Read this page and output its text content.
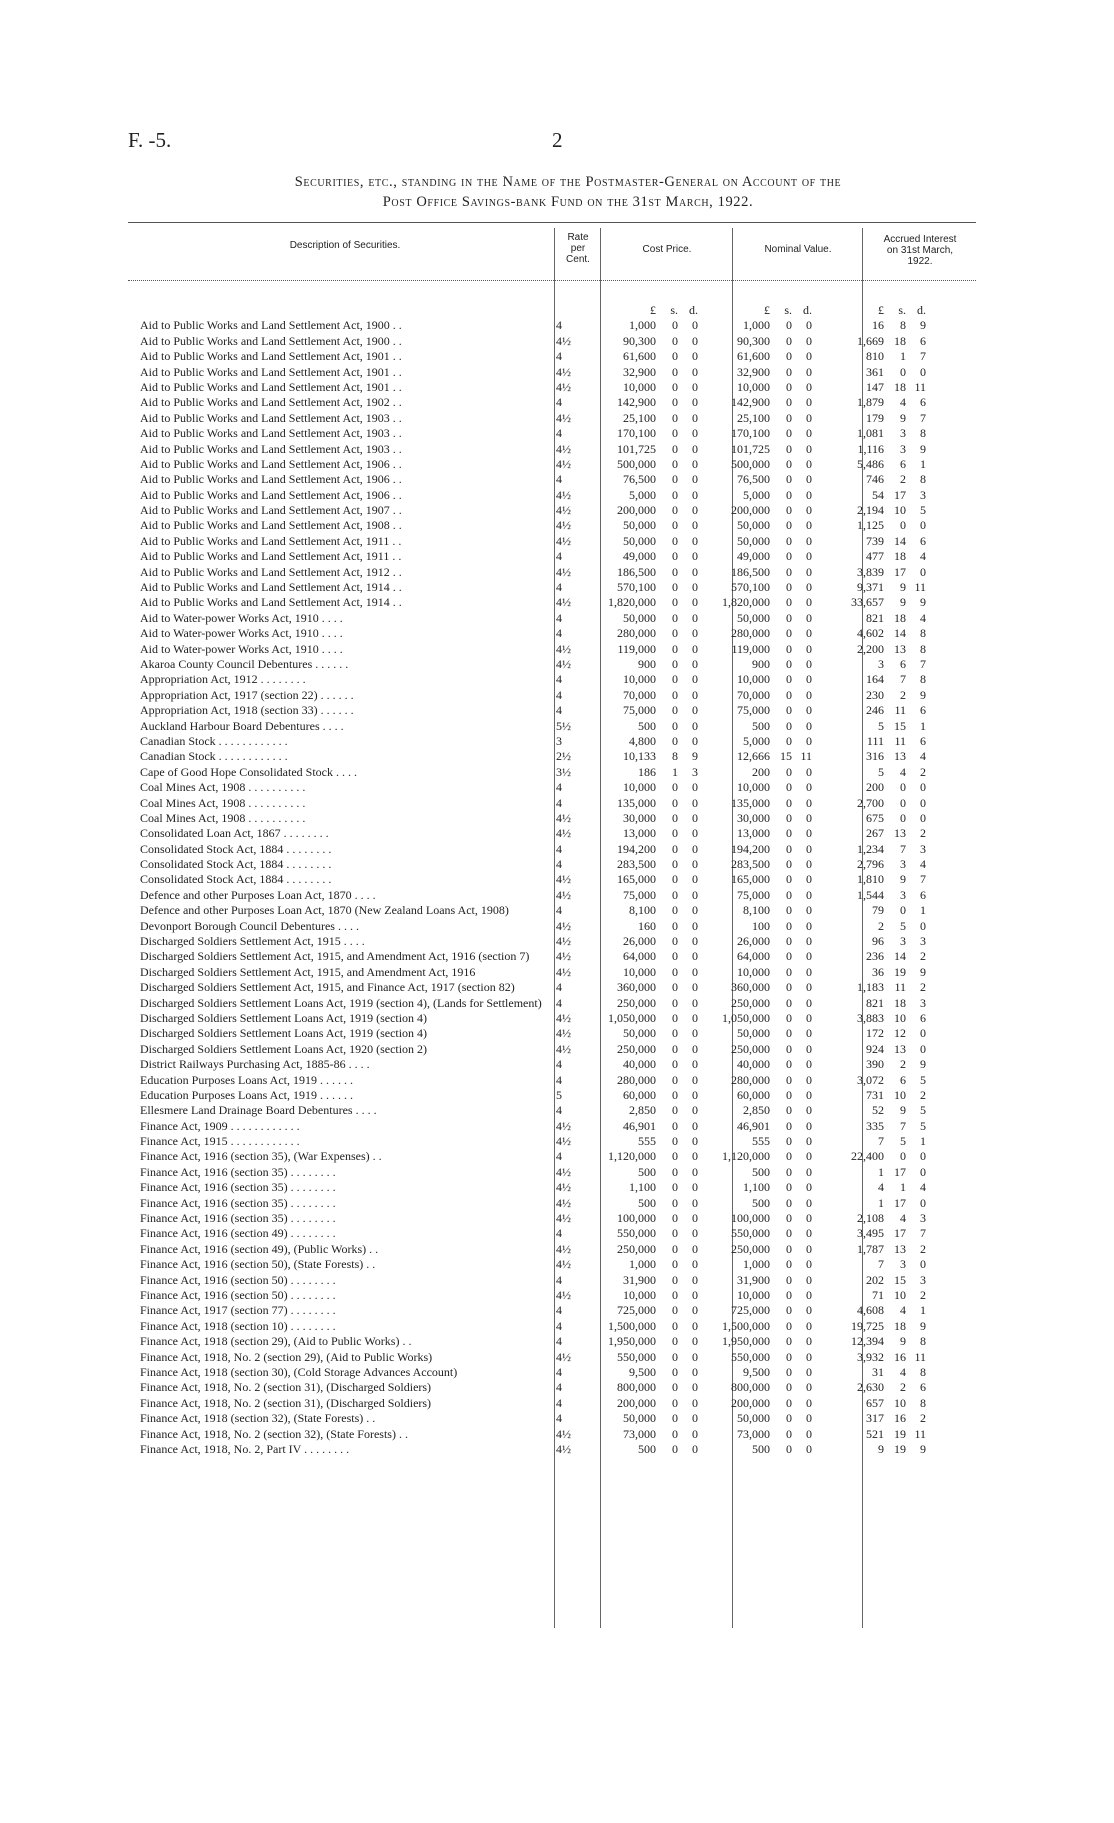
F. -5.	2
Securities, etc., standing in the Name of the Postmaster-General on Account of the
Post Office Savings-bank Fund on the 31st March, 1922.
Description of Securities.
Rate
per
Cent.
Cost Price.	Nominal Value.
Accrued Interest
on 31st March,
1922.
		£	s.	d.	£	s.	d.	£	s.	d.

Aid to Public Works and Land Settlement Act, 1900 . .	4	1,000	0	0	1,000	0	0	16	8	9

Aid to Public Works and Land Settlement Act, 1900 . .	4½	90,300	0	0	90,300	0	0	1,669	18	6

Aid to Public Works and Land Settlement Act, 1901 . .	4	61,600	0	0	61,600	0	0	810	1	7

Aid to Public Works and Land Settlement Act, 1901 . .	4½	32,900	0	0	32,900	0	0	361	0	0

Aid to Public Works and Land Settlement Act, 1901 . .	4½	10,000	0	0	10,000	0	0	147	18	11

Aid to Public Works and Land Settlement Act, 1902 . .	4	142,900	0	0	142,900	0	0	1,879	4	6

Aid to Public Works and Land Settlement Act, 1903 . .	4½	25,100	0	0	25,100	0	0	179	9	7

Aid to Public Works and Land Settlement Act, 1903 . .	4	170,100	0	0	170,100	0	0	1,081	3	8

Aid to Public Works and Land Settlement Act, 1903 . .	4½	101,725	0	0	101,725	0	0	1,116	3	9

Aid to Public Works and Land Settlement Act, 1906 . .	4½	500,000	0	0	500,000	0	0	5,486	6	1

Aid to Public Works and Land Settlement Act, 1906 . .	4	76,500	0	0	76,500	0	0	746	2	8

Aid to Public Works and Land Settlement Act, 1906 . .	4½	5,000	0	0	5,000	0	0	54	17	3

Aid to Public Works and Land Settlement Act, 1907 . .	4½	200,000	0	0	200,000	0	0	2,194	10	5

Aid to Public Works and Land Settlement Act, 1908 . .	4½	50,000	0	0	50,000	0	0	1,125	0	0

Aid to Public Works and Land Settlement Act, 1911 . .	4½	50,000	0	0	50,000	0	0	739	14	6

Aid to Public Works and Land Settlement Act, 1911 . .	4	49,000	0	0	49,000	0	0	477	18	4

Aid to Public Works and Land Settlement Act, 1912 . .	4½	186,500	0	0	186,500	0	0	3,839	17	0

Aid to Public Works and Land Settlement Act, 1914 . .	4	570,100	0	0	570,100	0	0	9,371	9	11

Aid to Public Works and Land Settlement Act, 1914 . .	4½	1,820,000	0	0	1,820,000	0	0	33,657	9	9

Aid to Water-power Works Act, 1910 . . . .	4	50,000	0	0	50,000	0	0	821	18	4

Aid to Water-power Works Act, 1910 . . . .	4	280,000	0	0	280,000	0	0	4,602	14	8

Aid to Water-power Works Act, 1910 . . . .	4½	119,000	0	0	119,000	0	0	2,200	13	8

Akaroa County Council Debentures . . . . . .	4½	900	0	0	900	0	0	3	6	7

Appropriation Act, 1912 . . . . . . . .	4	10,000	0	0	10,000	0	0	164	7	8

Appropriation Act, 1917 (section 22) . . . . . .	4	70,000	0	0	70,000	0	0	230	2	9

Appropriation Act, 1918 (section 33) . . . . . .	4	75,000	0	0	75,000	0	0	246	11	6

Auckland Harbour Board Debentures . . . .	5½	500	0	0	500	0	0	5	15	1

Canadian Stock . . . . . . . . . . . .	3	4,800	0	0	5,000	0	0	111	11	6

Canadian Stock . . . . . . . . . . . .	2½	10,133	8	9	12,666	15	11	316	13	4

Cape of Good Hope Consolidated Stock . . . .	3½	186	1	3	200	0	0	5	4	2

Coal Mines Act, 1908 . . . . . . . . . .	4	10,000	0	0	10,000	0	0	200	0	0

Coal Mines Act, 1908 . . . . . . . . . .	4	135,000	0	0	135,000	0	0	2,700	0	0

Coal Mines Act, 1908 . . . . . . . . . .	4½	30,000	0	0	30,000	0	0	675	0	0

Consolidated Loan Act, 1867 . . . . . . . .	4½	13,000	0	0	13,000	0	0	267	13	2

Consolidated Stock Act, 1884 . . . . . . . .	4	194,200	0	0	194,200	0	0	1,234	7	3

Consolidated Stock Act, 1884 . . . . . . . .	4	283,500	0	0	283,500	0	0	2,796	3	4

Consolidated Stock Act, 1884 . . . . . . . .	4½	165,000	0	0	165,000	0	0	1,810	9	7

Defence and other Purposes Loan Act, 1870 . . . .	4½	75,000	0	0	75,000	0	0	1,544	3	6

Defence and other Purposes Loan Act, 1870 (New Zealand Loans Act, 1908)	4	8,100	0	0	8,100	0	0	79	0	1

Devonport Borough Council Debentures . . . .	4½	160	0	0	100	0	0	2	5	0

Discharged Soldiers Settlement Act, 1915 . . . .	4½	26,000	0	0	26,000	0	0	96	3	3

Discharged Soldiers Settlement Act, 1915, and Amendment Act, 1916 (section 7)	4½	64,000	0	0	64,000	0	0	236	14	2

Discharged Soldiers Settlement Act, 1915, and Amendment Act, 1916	4½	10,000	0	0	10,000	0	0	36	19	9

Discharged Soldiers Settlement Act, 1915, and Finance Act, 1917 (section 82)	4	360,000	0	0	360,000	0	0	1,183	11	2

Discharged Soldiers Settlement Loans Act, 1919 (section 4), (Lands for Settlement)	4	250,000	0	0	250,000	0	0	821	18	3

Discharged Soldiers Settlement Loans Act, 1919 (section 4)	4½	1,050,000	0	0	1,050,000	0	0	3,883	10	6

Discharged Soldiers Settlement Loans Act, 1919 (section 4)	4½	50,000	0	0	50,000	0	0	172	12	0

Discharged Soldiers Settlement Loans Act, 1920 (section 2)	4½	250,000	0	0	250,000	0	0	924	13	0

District Railways Purchasing Act, 1885-86 . . . .	4	40,000	0	0	40,000	0	0	390	2	9

Education Purposes Loans Act, 1919 . . . . . .	4	280,000	0	0	280,000	0	0	3,072	6	5

Education Purposes Loans Act, 1919 . . . . . .	5	60,000	0	0	60,000	0	0	731	10	2

Ellesmere Land Drainage Board Debentures . . . .	4	2,850	0	0	2,850	0	0	52	9	5

Finance Act, 1909 . . . . . . . . . . . .	4½	46,901	0	0	46,901	0	0	335	7	5

Finance Act, 1915 . . . . . . . . . . . .	4½	555	0	0	555	0	0	7	5	1

Finance Act, 1916 (section 35), (War Expenses) . .	4	1,120,000	0	0	1,120,000	0	0	22,400	0	0

Finance Act, 1916 (section 35) . . . . . . . .	4½	500	0	0	500	0	0	1	17	0

Finance Act, 1916 (section 35) . . . . . . . .	4½	1,100	0	0	1,100	0	0	4	1	4

Finance Act, 1916 (section 35) . . . . . . . .	4½	500	0	0	500	0	0	1	17	0

Finance Act, 1916 (section 35) . . . . . . . .	4½	100,000	0	0	100,000	0	0	2,108	4	3

Finance Act, 1916 (section 49) . . . . . . . .	4	550,000	0	0	550,000	0	0	3,495	17	7

Finance Act, 1916 (section 49), (Public Works) . .	4½	250,000	0	0	250,000	0	0	1,787	13	2

Finance Act, 1916 (section 50), (State Forests) . .	4½	1,000	0	0	1,000	0	0	7	3	0

Finance Act, 1916 (section 50) . . . . . . . .	4	31,900	0	0	31,900	0	0	202	15	3

Finance Act, 1916 (section 50) . . . . . . . .	4½	10,000	0	0	10,000	0	0	71	10	2

Finance Act, 1917 (section 77) . . . . . . . .	4	725,000	0	0	725,000	0	0	4,608	4	1

Finance Act, 1918 (section 10) . . . . . . . .	4	1,500,000	0	0	1,500,000	0	0	19,725	18	9

Finance Act, 1918 (section 29), (Aid to Public Works) . .	4	1,950,000	0	0	1,950,000	0	0	12,394	9	8

Finance Act, 1918, No. 2 (section 29), (Aid to Public Works)	4½	550,000	0	0	550,000	0	0	3,932	16	11

Finance Act, 1918 (section 30), (Cold Storage Advances Account)	4	9,500	0	0	9,500	0	0	31	4	8

Finance Act, 1918, No. 2 (section 31), (Discharged Soldiers)	4	800,000	0	0	800,000	0	0	2,630	2	6

Finance Act, 1918, No. 2 (section 31), (Discharged Soldiers)	4	200,000	0	0	200,000	0	0	657	10	8

Finance Act, 1918 (section 32), (State Forests) . .	4	50,000	0	0	50,000	0	0	317	16	2

Finance Act, 1918, No. 2 (section 32), (State Forests) . .	4½	73,000	0	0	73,000	0	0	521	19	11

Finance Act, 1918, No. 2, Part IV . . . . . . . .	4½	500	0	0	500	0	0	9	19	9
